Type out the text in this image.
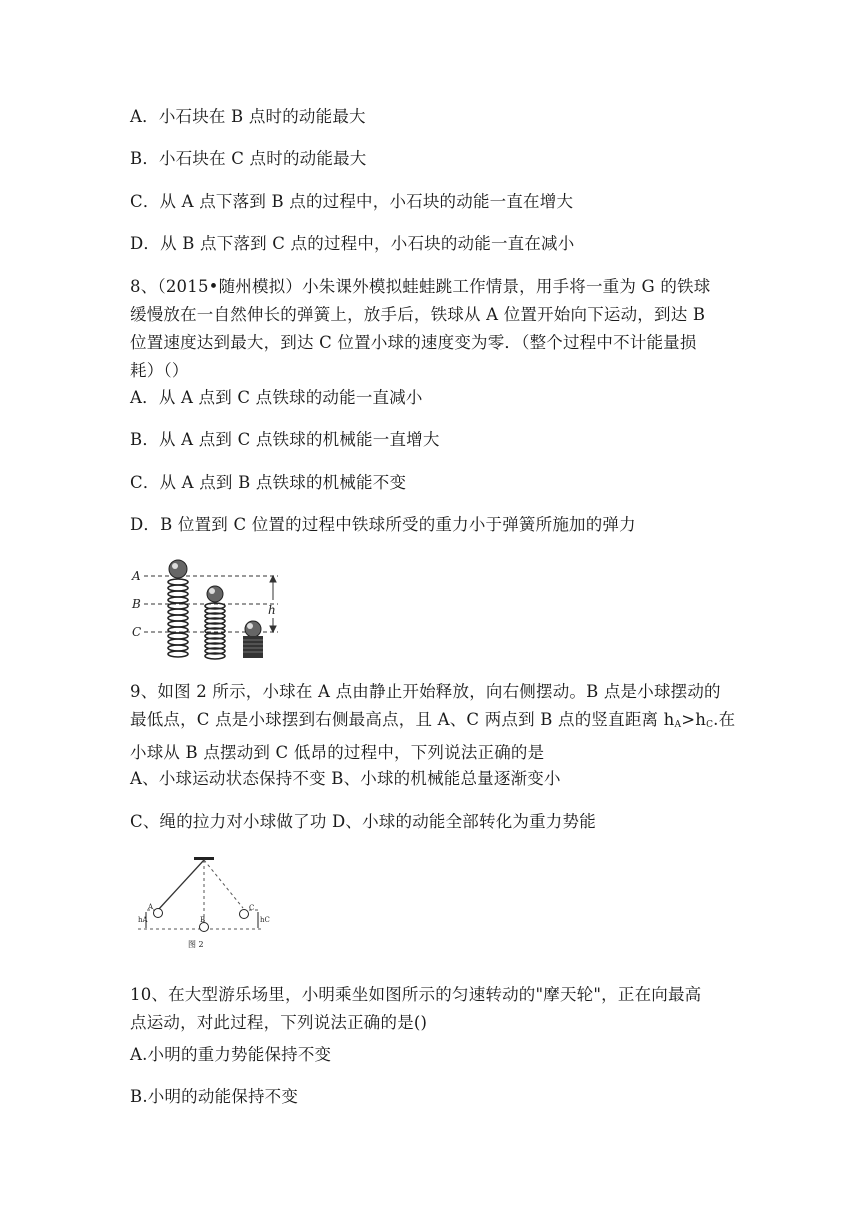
A．小石块在 B 点时的动能最大
B．小石块在 C 点时的动能最大
C．从 A 点下落到 B 点的过程中，小石块的动能一直在增大
D．从 B 点下落到 C 点的过程中，小石块的动能一直在减小
8、（2015•随州模拟）小朱课外模拟蛙蛙跳工作情景，用手将一重为 G 的铁球
缓慢放在一自然伸长的弹簧上，放手后，铁球从 A 位置开始向下运动，到达 B
位置速度达到最大，到达 C 位置小球的速度变为零．（整个过程中不计能量损
耗）（）
A．从 A 点到 C 点铁球的动能一直减小
B．从 A 点到 C 点铁球的机械能一直增大
C．从 A 点到 B 点铁球的机械能不变
D．B 位置到 C 位置的过程中铁球所受的重力小于弹簧所施加的弹力
A
B
C
h
9、如图 2 所示，小球在 A 点由静止开始释放，向右侧摆动。B 点是小球摆动的
最低点，C 点是小球摆到右侧最高点，且 A、C 两点到 B 点的竖直距离 $h_A>h_C$.在
小球从 B 点摆动到 C 低昂的过程中，下列说法正确的是
A、小球运动状态保持不变 B、小球的机械能总量逐渐变小
C、绳的拉力对小球做了功 D、小球的动能全部转化为重力势能
A
B
C
hA	hC
图 2
10、在大型游乐场里，小明乘坐如图所示的匀速转动的"摩天轮"，正在向最高
点运动，对此过程，下列说法正确的是()
A.小明的重力势能保持不变
B.小明的动能保持不变
